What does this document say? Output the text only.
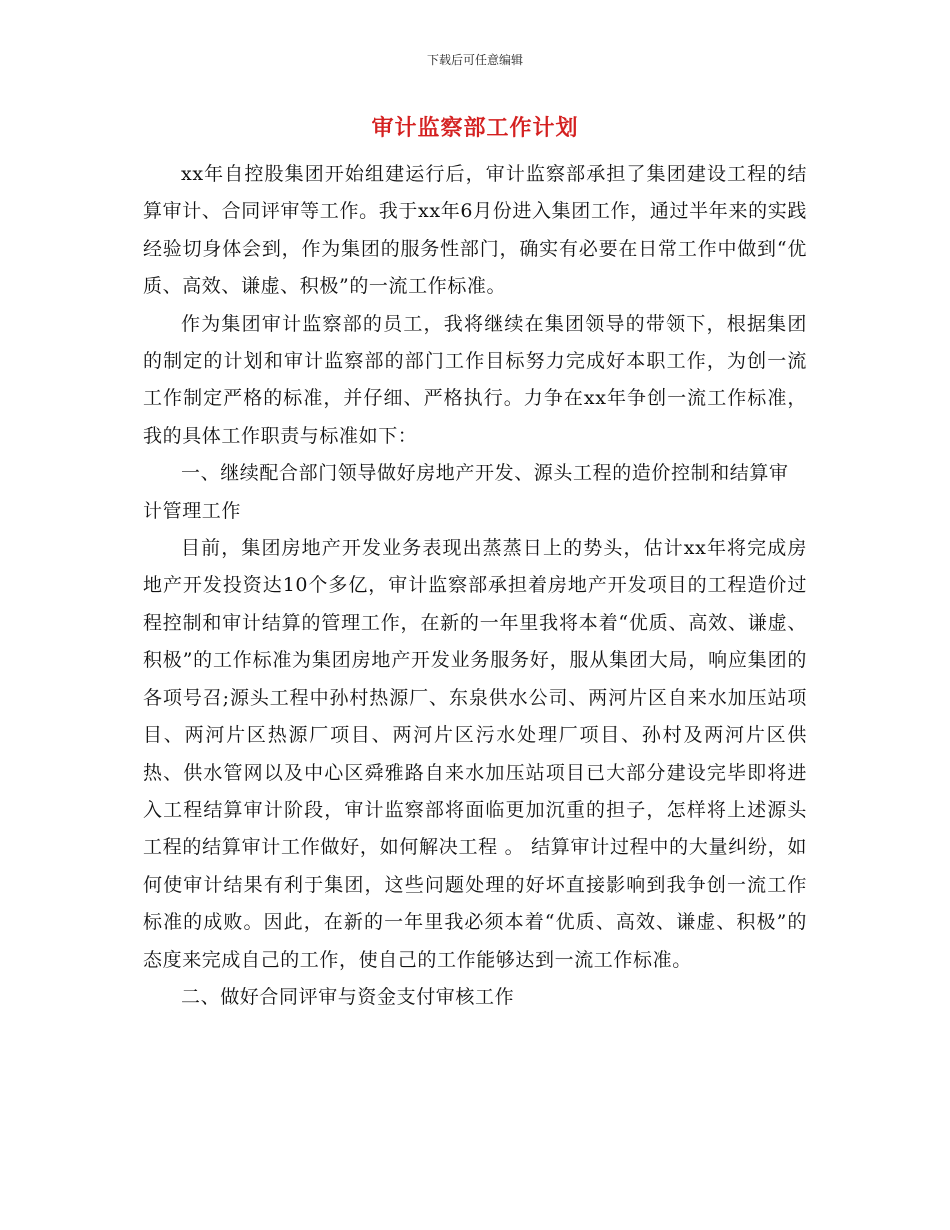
下载后可任意编辑
审计监察部工作计划

xx年自控股集团开始组建运行后，审计监察部承担了集团建设工程的结算审计、合同评审等工作。我于xx年6月份进入集团工作，通过半年来的实践经验切身体会到，作为集团的服务性部门，确实有必要在日常工作中做到“优质、高效、谦虚、积极”的一流工作标准。

作为集团审计监察部的员工，我将继续在集团领导的带领下，根据集团的制定的计划和审计监察部的部门工作目标努力完成好本职工作，为创一流工作制定严格的标准，并仔细、严格执行。力争在xx年争创一流工作标准，我的具体工作职责与标准如下：

一、继续配合部门领导做好房地产开发、源头工程的造价控制和结算审计管理工作

目前，集团房地产开发业务表现出蒸蒸日上的势头，估计xx年将完成房地产开发投资达10个多亿，审计监察部承担着房地产开发项目的工程造价过程控制和审计结算的管理工作，在新的一年里我将本着“优质、高效、谦虚、积极”的工作标准为集团房地产开发业务服务好，服从集团大局，响应集团的各项号召;源头工程中孙村热源厂、东泉供水公司、两河片区自来水加压站项目、两河片区热源厂项目、两河片区污水处理厂项目、孙村及两河片区供热、供水管网以及中心区舜雅路自来水加压站项目已大部分建设完毕即将进入工程结算审计阶段，审计监察部将面临更加沉重的担子，怎样将上述源头工程的结算审计工作做好，如何解决工程 。 结算审计过程中的大量纠纷，如何使审计结果有利于集团，这些问题处理的好坏直接影响到我争创一流工作标准的成败。因此，在新的一年里我必须本着“优质、高效、谦虚、积极”的态度来完成自己的工作，使自己的工作能够达到一流工作标准。

二、做好合同评审与资金支付审核工作
